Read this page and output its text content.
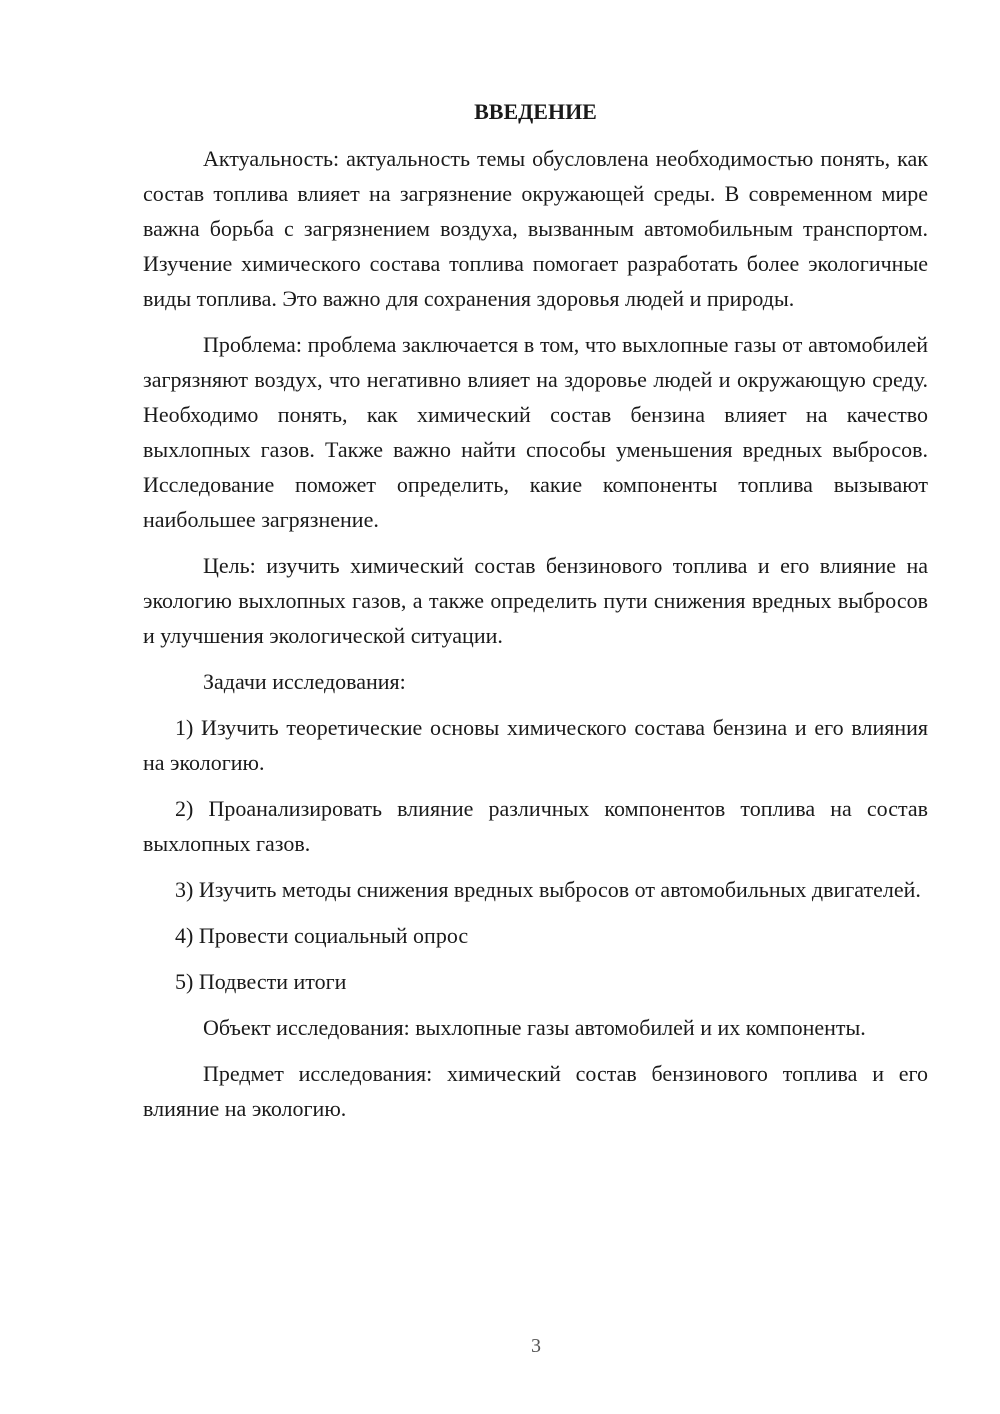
ВВЕДЕНИЕ

Актуальность: актуальность темы обусловлена необходимостью понять, как состав топлива влияет на загрязнение окружающей среды. В современном мире важна борьба с загрязнением воздуха, вызванным автомобильным транспортом. Изучение химического состава топлива помогает разработать более экологичные виды топлива. Это важно для сохранения здоровья людей и природы.

Проблема: проблема заключается в том, что выхлопные газы от автомобилей загрязняют воздух, что негативно влияет на здоровье людей и окружающую среду. Необходимо понять, как химический состав бензина влияет на качество выхлопных газов. Также важно найти способы уменьшения вредных выбросов. Исследование поможет определить, какие компоненты топлива вызывают наибольшее загрязнение.

Цель: изучить химический состав бензинового топлива и его влияние на экологию выхлопных газов, а также определить пути снижения вредных выбросов и улучшения экологической ситуации.

Задачи исследования:

1) Изучить теоретические основы химического состава бензина и его влияния на экологию.

2) Проанализировать влияние различных компонентов топлива на состав выхлопных газов.

3) Изучить методы снижения вредных выбросов от автомобильных двигателей.

4) Провести социальный опрос

5) Подвести итоги

Объект исследования: выхлопные газы автомобилей и их компоненты.

Предмет исследования: химический состав бензинового топлива и его влияние на экологию.

3
